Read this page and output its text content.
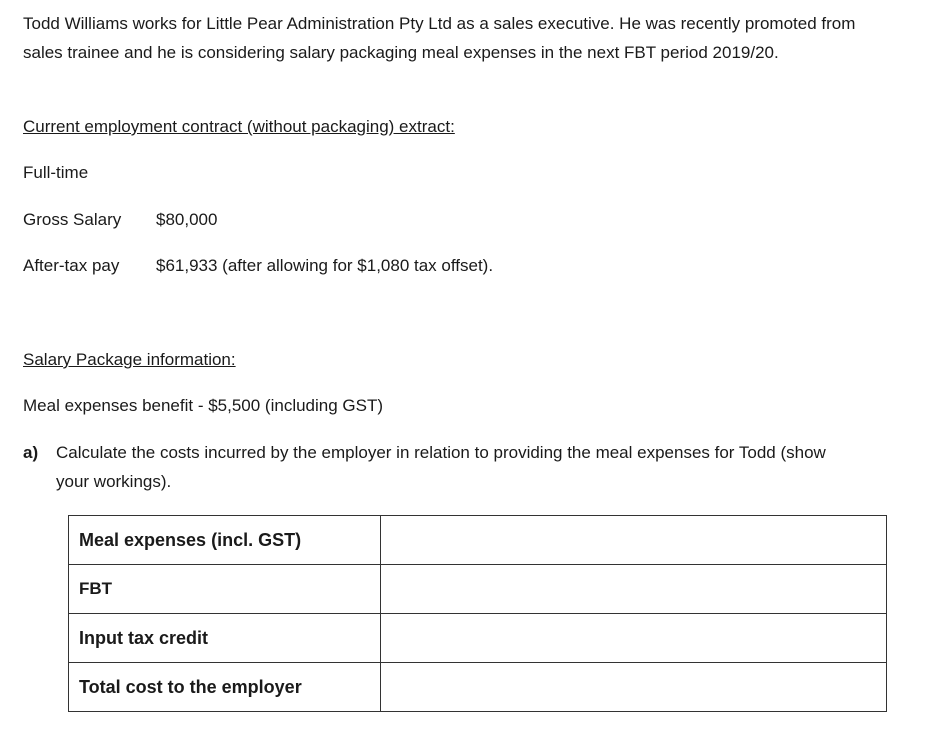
Todd Williams works for Little Pear Administration Pty Ltd as a sales executive. He was recently promoted from sales trainee and he is considering salary packaging meal expenses in the next FBT period 2019/20.

Current employment contract (without packaging) extract:

Full-time

Gross Salary $80,000

After-tax pay $61,933 (after allowing for $1,080 tax offset).

Salary Package information:

Meal expenses benefit - $5,500 (including GST)

a)	Calculate the costs incurred by the employer in relation to providing the meal expenses for Todd (show your workings).
Meal expenses (incl. GST)	
FBT	
Input tax credit	
Total cost to the employer	
